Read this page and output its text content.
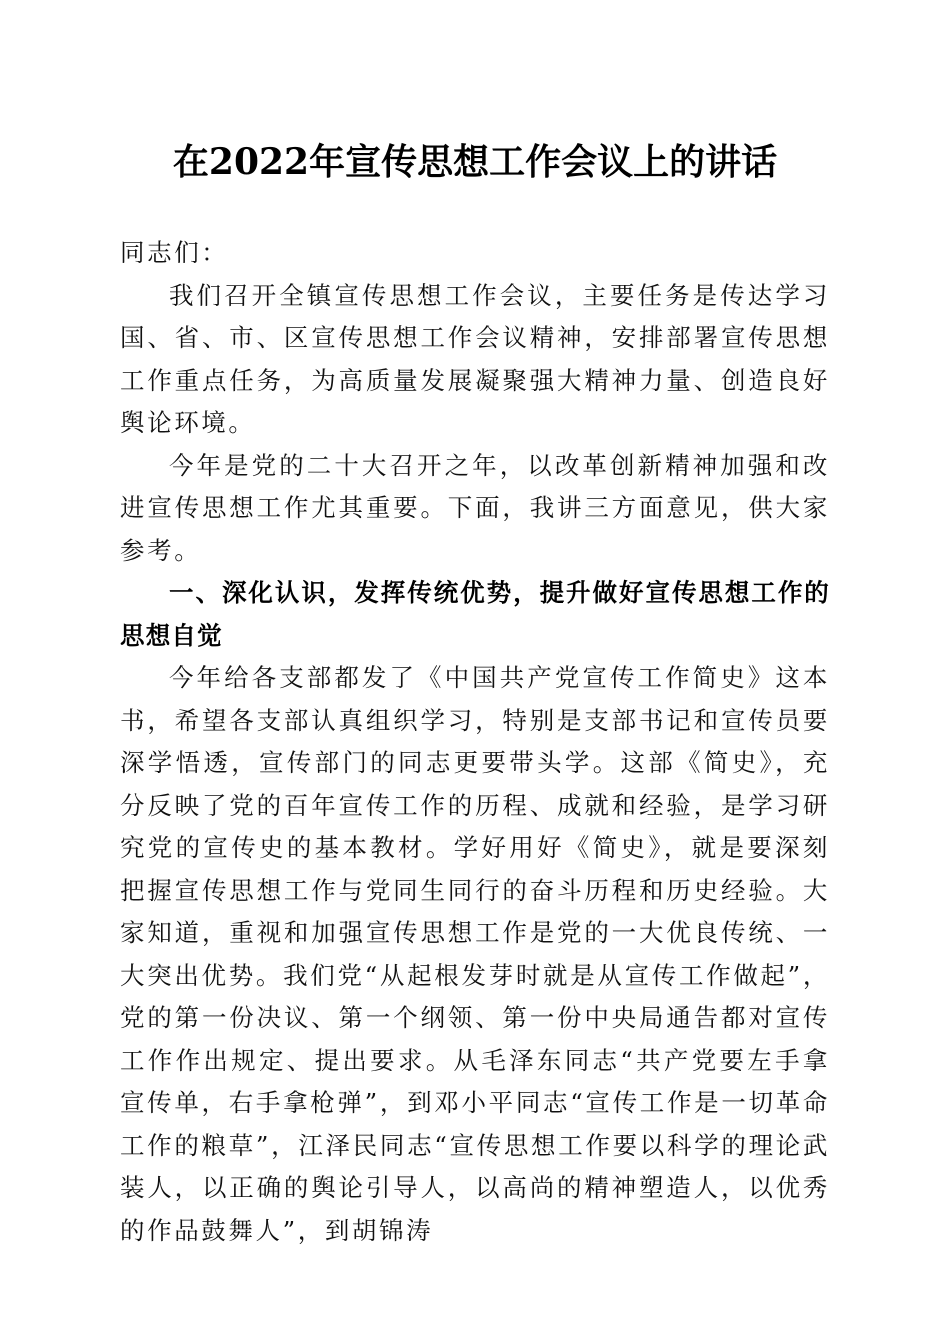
在2022年宣传思想工作会议上的讲话

同志们：

我们召开全镇宣传思想工作会议，主要任务是传达学习国、省、市、区宣传思想工作会议精神，安排部署宣传思想工作重点任务，为高质量发展凝聚强大精神力量、创造良好舆论环境。

今年是党的二十大召开之年，以改革创新精神加强和改进宣传思想工作尤其重要。下面，我讲三方面意见，供大家参考。

一、深化认识，发挥传统优势，提升做好宣传思想工作的思想自觉

今年给各支部都发了《中国共产党宣传工作简史》这本书，希望各支部认真组织学习，特别是支部书记和宣传员要深学悟透，宣传部门的同志更要带头学。这部《简史》，充分反映了党的百年宣传工作的历程、成就和经验，是学习研究党的宣传史的基本教材。学好用好《简史》，就是要深刻把握宣传思想工作与党同生同行的奋斗历程和历史经验。大家知道，重视和加强宣传思想工作是党的一大优良传统、一大突出优势。我们党“从起根发芽时就是从宣传工作做起”，党的第一份决议、第一个纲领、第一份中央局通告都对宣传工作作出规定、提出要求。从毛泽东同志“共产党要左手拿宣传单，右手拿枪弹”，到邓小平同志“宣传工作是一切革命工作的粮草”，江泽民同志“宣传思想工作要以科学的理论武装人，以正确的舆论引导人，以高尚的精神塑造人，以优秀的作品鼓舞人”，到胡锦涛
